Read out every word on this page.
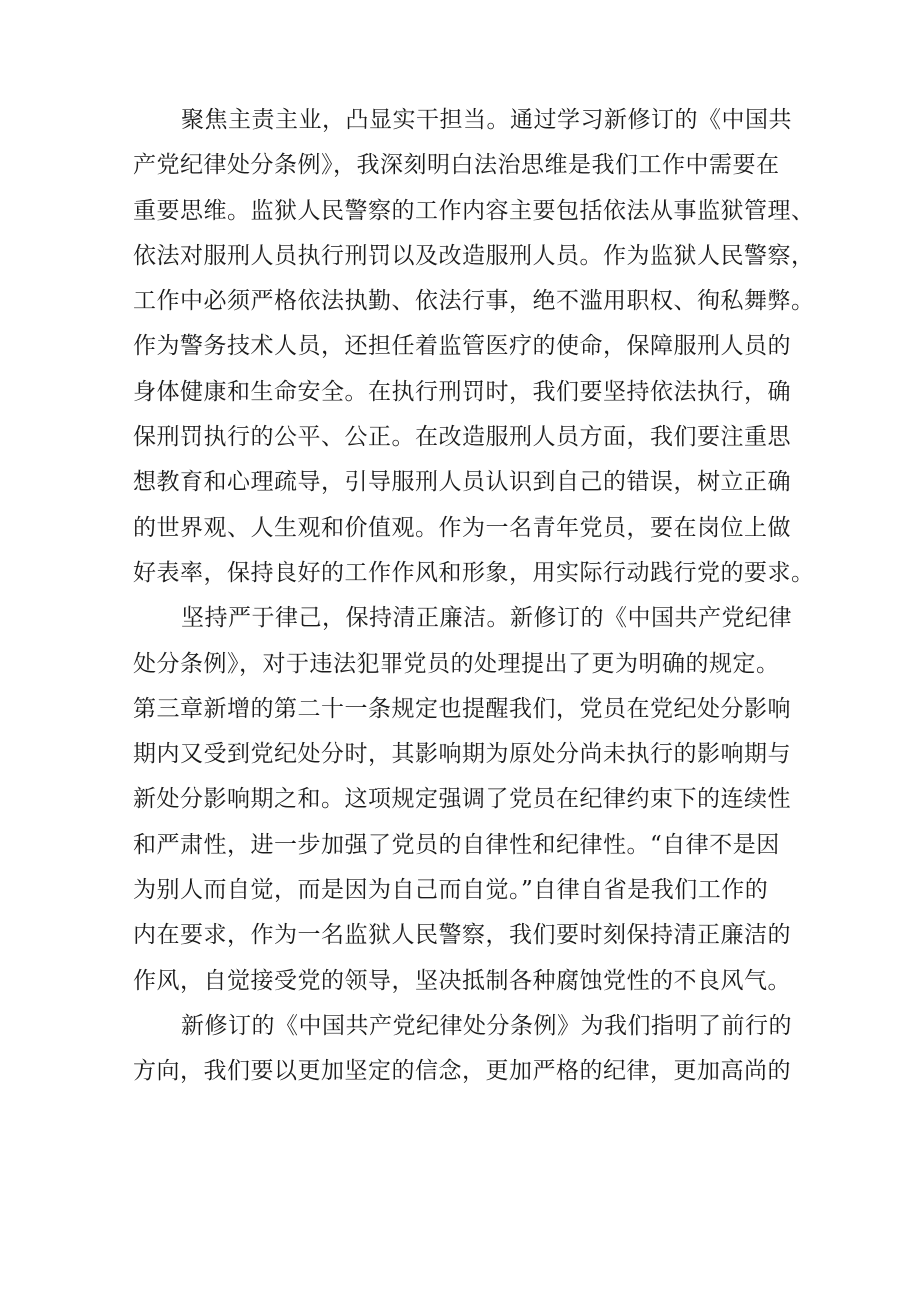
聚焦主责主业，凸显实干担当。通过学习新修订的《中国共
产党纪律处分条例》，我深刻明白法治思维是我们工作中需要在
重要思维。监狱人民警察的工作内容主要包括依法从事监狱管理、
依法对服刑人员执行刑罚以及改造服刑人员。作为监狱人民警察，
工作中必须严格依法执勤、依法行事，绝不滥用职权、徇私舞弊。
作为警务技术人员，还担任着监管医疗的使命，保障服刑人员的
身体健康和生命安全。在执行刑罚时，我们要坚持依法执行，确
保刑罚执行的公平、公正。在改造服刑人员方面，我们要注重思
想教育和心理疏导，引导服刑人员认识到自己的错误，树立正确
的世界观、人生观和价值观。作为一名青年党员，要在岗位上做
好表率，保持良好的工作作风和形象，用实际行动践行党的要求。
坚持严于律己，保持清正廉洁。新修订的《中国共产党纪律
处分条例》，对于违法犯罪党员的处理提出了更为明确的规定。
第三章新增的第二十一条规定也提醒我们，党员在党纪处分影响
期内又受到党纪处分时，其影响期为原处分尚未执行的影响期与
新处分影响期之和。这项规定强调了党员在纪律约束下的连续性
和严肃性，进一步加强了党员的自律性和纪律性。“自律不是因
为别人而自觉，而是因为自己而自觉。”自律自省是我们工作的
内在要求，作为一名监狱人民警察，我们要时刻保持清正廉洁的
作风，自觉接受党的领导，坚决抵制各种腐蚀党性的不良风气。
新修订的《中国共产党纪律处分条例》为我们指明了前行的
方向，我们要以更加坚定的信念，更加严格的纪律，更加高尚的
